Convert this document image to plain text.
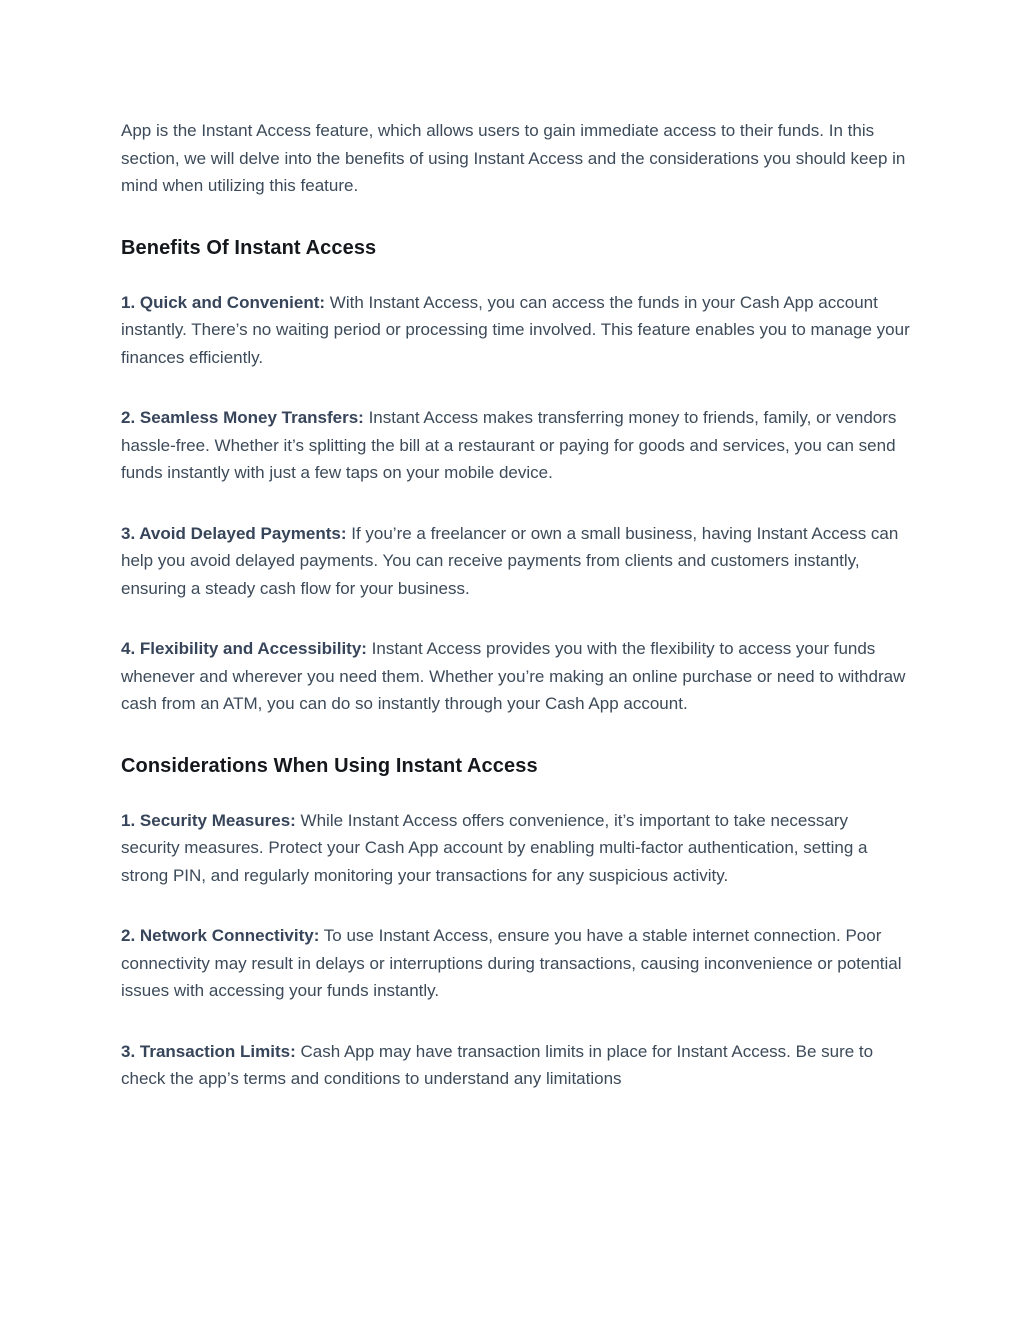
App is the Instant Access feature, which allows users to gain immediate access to their funds. In this section, we will delve into the benefits of using Instant Access and the considerations you should keep in mind when utilizing this feature.

Benefits Of Instant Access

1. Quick and Convenient: With Instant Access, you can access the funds in your Cash App account instantly. There’s no waiting period or processing time involved. This feature enables you to manage your finances efficiently.

2. Seamless Money Transfers: Instant Access makes transferring money to friends, family, or vendors hassle-free. Whether it’s splitting the bill at a restaurant or paying for goods and services, you can send funds instantly with just a few taps on your mobile device.

3. Avoid Delayed Payments: If you’re a freelancer or own a small business, having Instant Access can help you avoid delayed payments. You can receive payments from clients and customers instantly, ensuring a steady cash flow for your business.

4. Flexibility and Accessibility: Instant Access provides you with the flexibility to access your funds whenever and wherever you need them. Whether you’re making an online purchase or need to withdraw cash from an ATM, you can do so instantly through your Cash App account.

Considerations When Using Instant Access

1. Security Measures: While Instant Access offers convenience, it’s important to take necessary security measures. Protect your Cash App account by enabling multi-factor authentication, setting a strong PIN, and regularly monitoring your transactions for any suspicious activity.

2. Network Connectivity: To use Instant Access, ensure you have a stable internet connection. Poor connectivity may result in delays or interruptions during transactions, causing inconvenience or potential issues with accessing your funds instantly.

3. Transaction Limits: Cash App may have transaction limits in place for Instant Access. Be sure to check the app’s terms and conditions to understand any limitations
